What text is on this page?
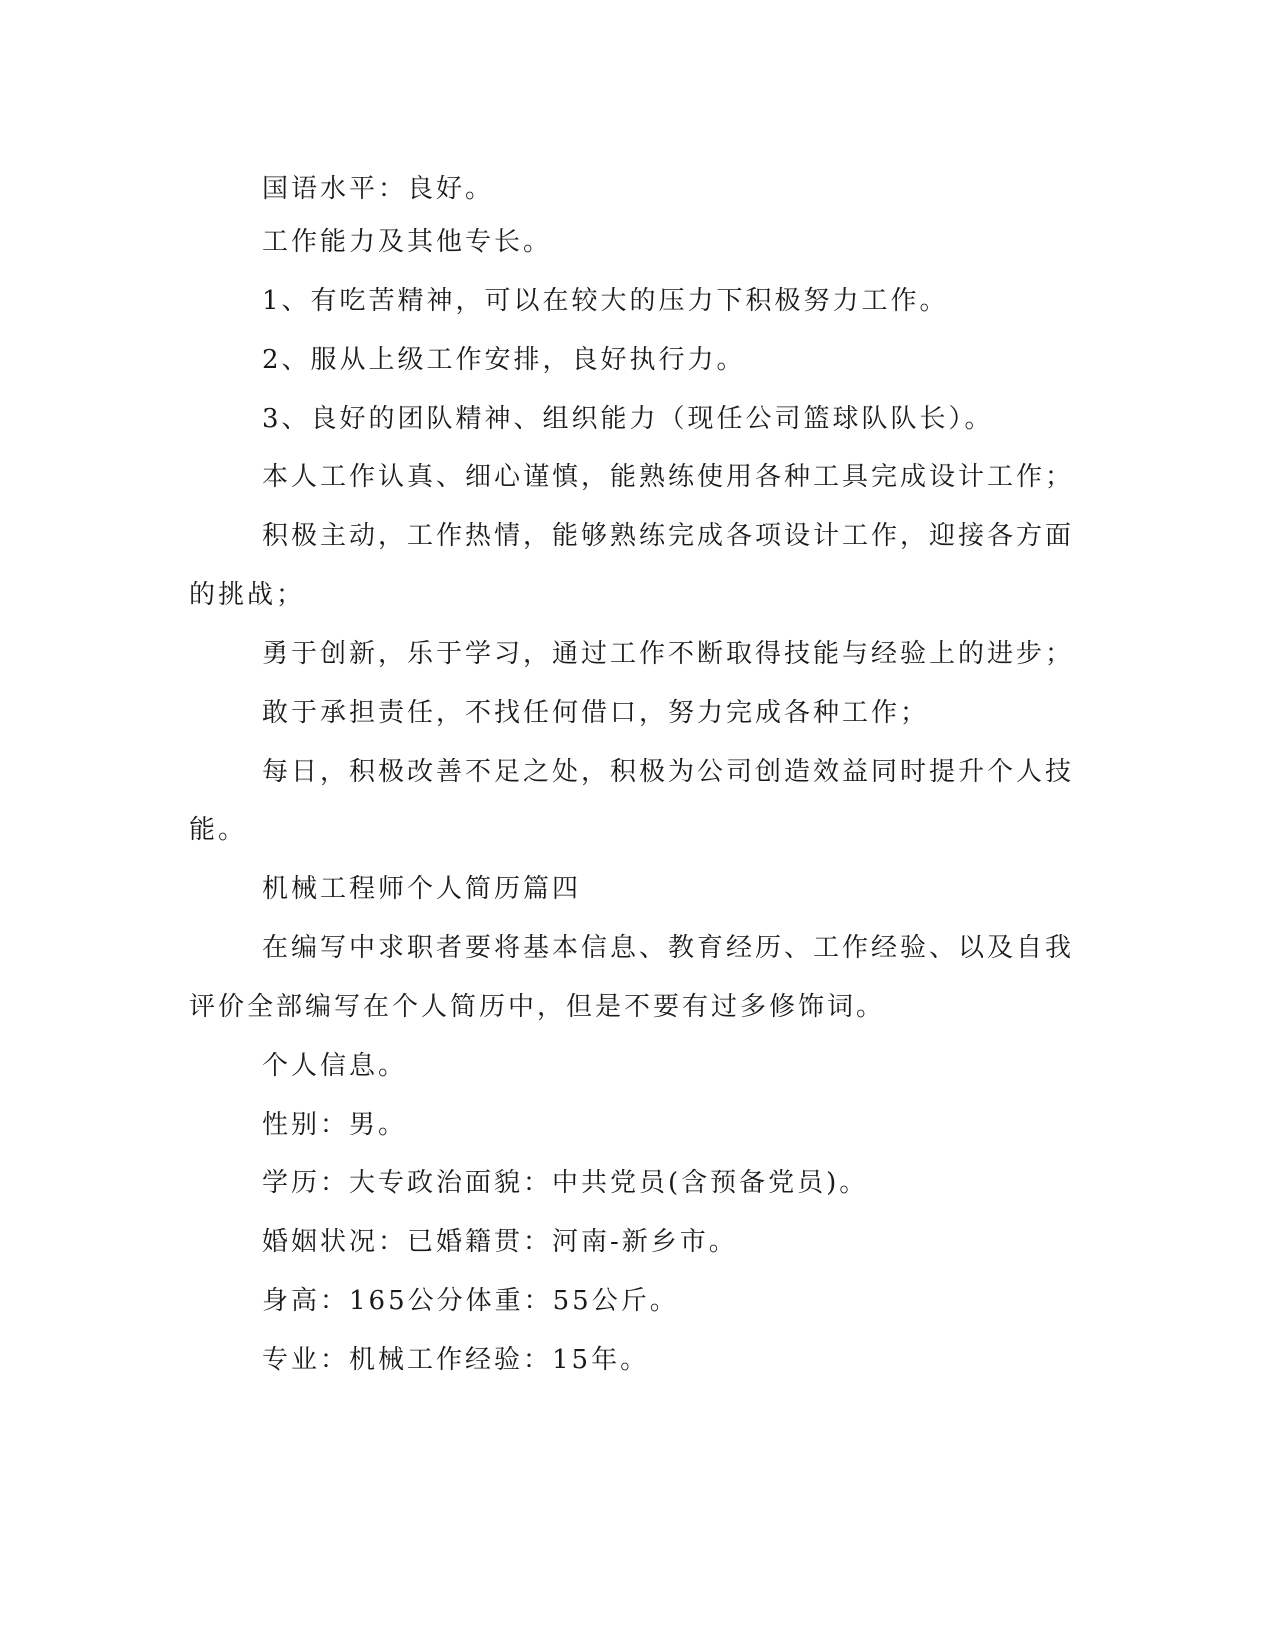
国语水平：良好。
工作能力及其他专长。
1、有吃苦精神，可以在较大的压力下积极努力工作。
2、服从上级工作安排，良好执行力。
3、良好的团队精神、组织能力（现任公司篮球队队长）。
本人工作认真、细心谨慎，能熟练使用各种工具完成设计工作；
积极主动，工作热情，能够熟练完成各项设计工作，迎接各方面
的挑战；
勇于创新，乐于学习，通过工作不断取得技能与经验上的进步；
敢于承担责任，不找任何借口，努力完成各种工作；
每日，积极改善不足之处，积极为公司创造效益同时提升个人技
能。
机械工程师个人简历篇四
在编写中求职者要将基本信息、教育经历、工作经验、以及自我
评价全部编写在个人简历中，但是不要有过多修饰词。
个人信息。
性别：男。
学历：大专政治面貌：中共党员(含预备党员)。
婚姻状况：已婚籍贯：河南-新乡市。
身高：165公分体重：55公斤。
专业：机械工作经验：15年。
